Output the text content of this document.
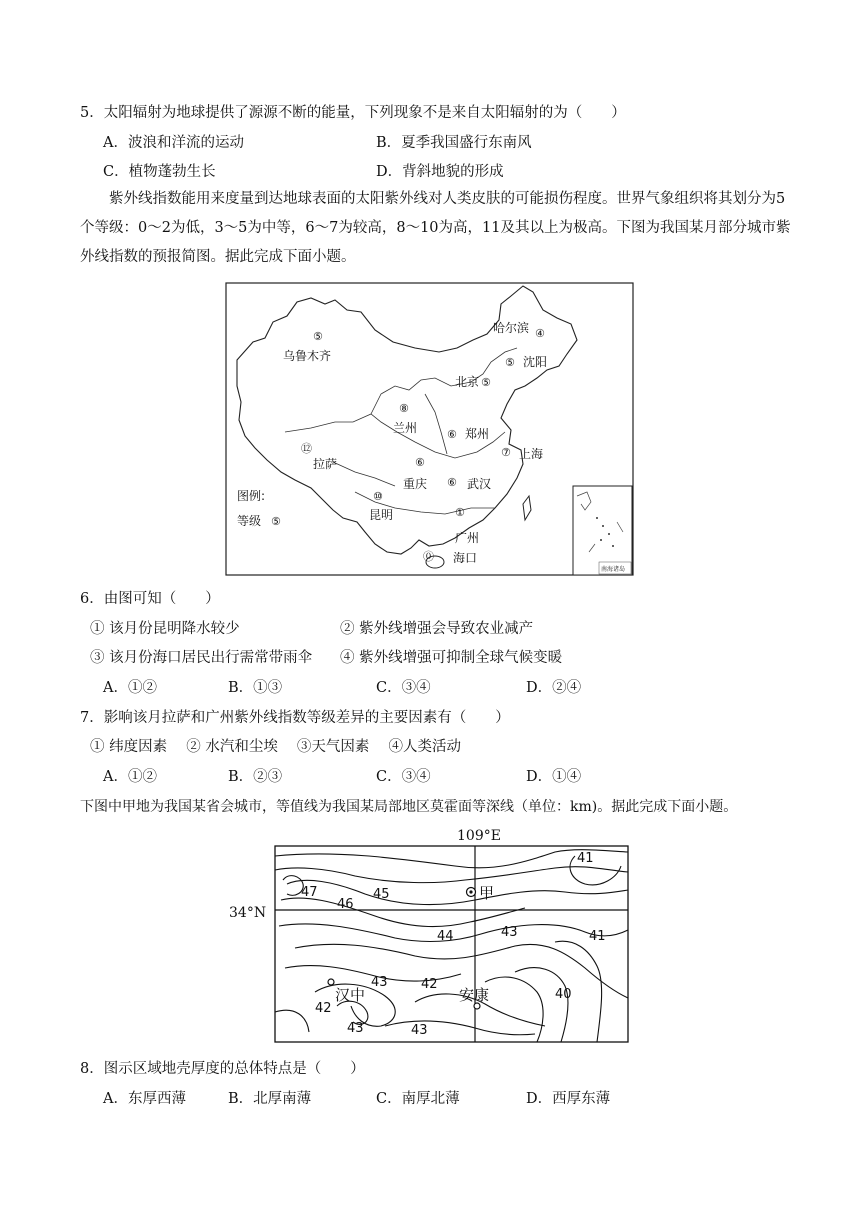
5．太阳辐射为地球提供了源源不断的能量，下列现象不是来自太阳辐射的为（　　）
A．波浪和洋流的运动	B．夏季我国盛行东南风
C．植物蓬勃生长	D．背斜地貌的形成
紫外线指数能用来度量到达地球表面的太阳紫外线对人类皮肤的可能损伤程度。世界气象组织将其划分为5个等级：0～2为低，3～5为中等，6～7为较高，8～10为高，11及其以上为极高。下图为我国某月部分城市紫外线指数的预报简图。据此完成下面小题。
南海诸岛
⑤
乌鲁木齐
哈尔滨 ④
⑤ 沈阳
北京 ⑤
⑧
兰州	⑥ 郑州
⑦ 上海
⑫
拉萨	⑥
重庆 ⑥ 武汉
⑩
昆明	①
广州
⓪ 海口
图例:
等级 ⑤
6．由图可知（　　）
① 该月份昆明降水较少	② 紫外线增强会导致农业减产
③ 该月份海口居民出行需常带雨伞 ④ 紫外线增强可抑制全球气候变暖
A．①②	B．①③	C．③④	D．②④
7．影响该月拉萨和广州紫外线指数等级差异的主要因素有（　　）
① 纬度因素　 ② 水汽和尘埃　 ③天气因素　 ④人类活动
A．①②	B．②③	C．③④	D．①④
下图中甲地为我国某省会城市，等值线为我国某局部地区莫霍面等深线（单位：km)。据此完成下面小题。
109°E
34°N
甲
汉中	安康
41
47	45
46
44	43	41
43	42
42
40
43	43
8．图示区域地壳厚度的总体特点是（　　）
A．东厚西薄	B．北厚南薄	C．南厚北薄	D．西厚东薄
